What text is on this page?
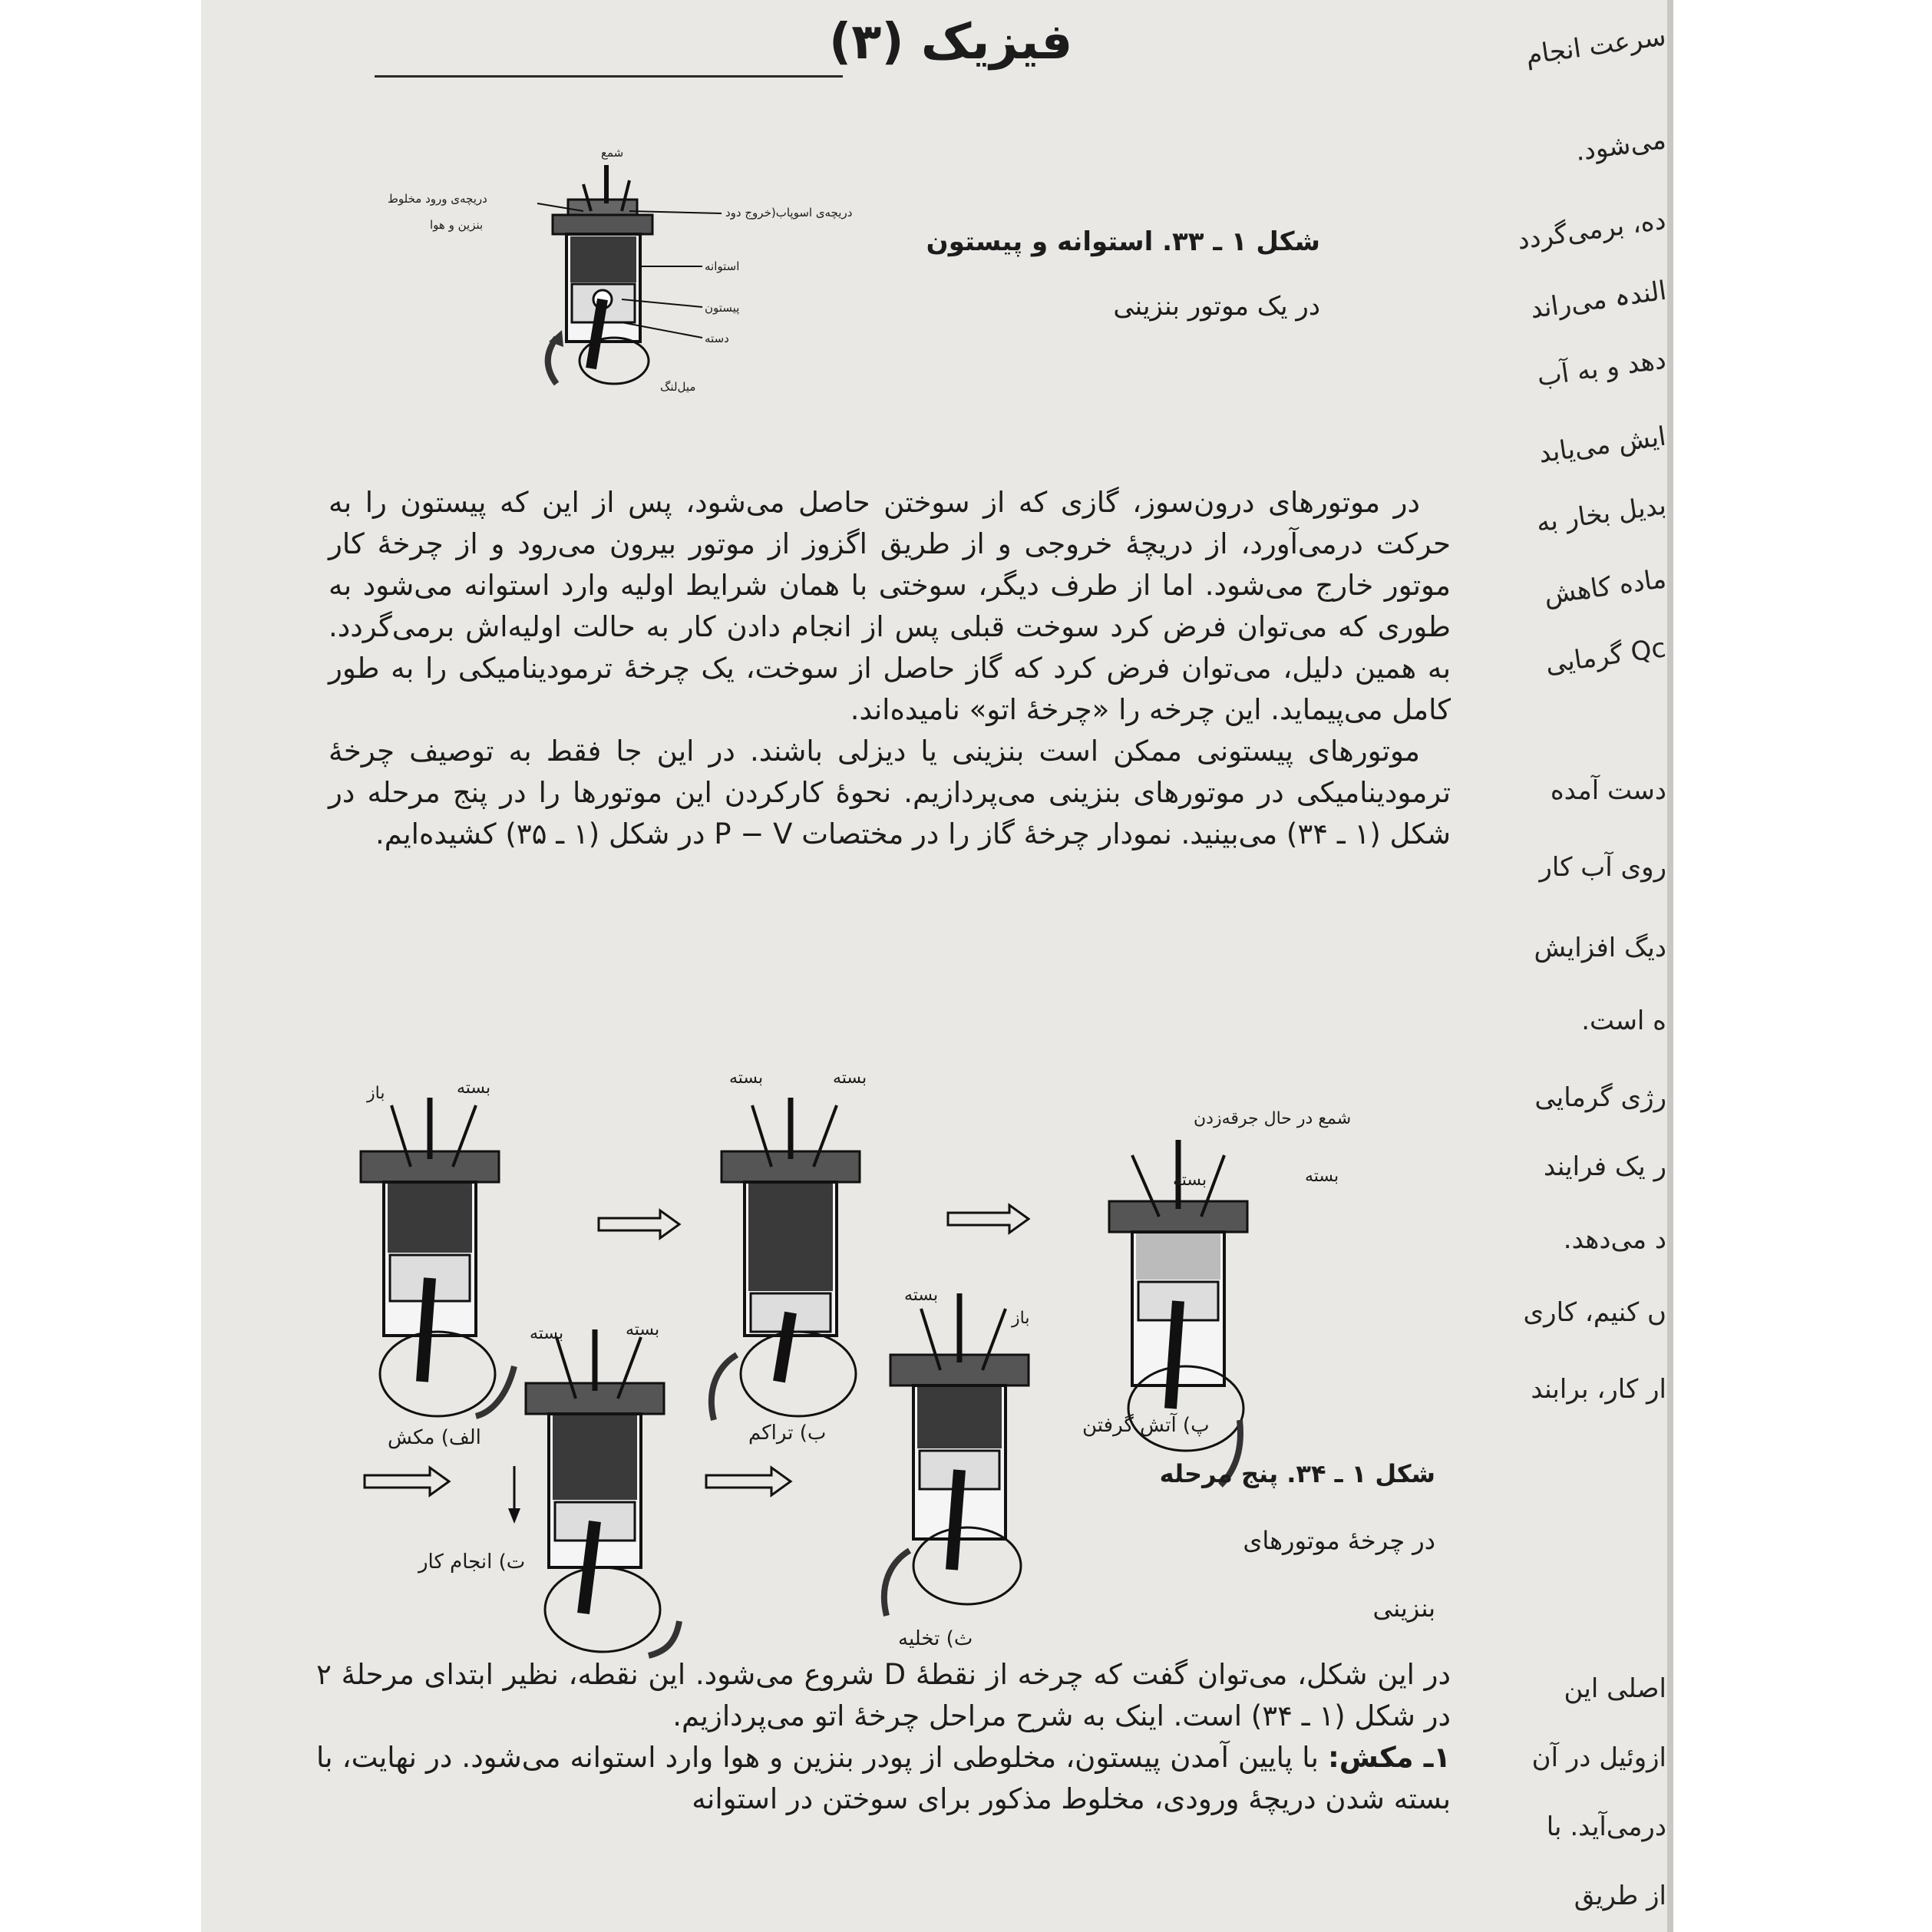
سرعت انجام
می‌شود.
ده، برمی‌گردد
الندہ می‌راند
دهد و به آب
ایش می‌یابد
بدیل بخار به
ماده کاهش
Qc گرمایی
دست آمده
روی آب کار
دیگ افزایش
ه است.
رژی گرمایی
ر یک فرایند
د می‌دهد.
ں کنیم، کاری
ار کار، برابند
اصلی این
ازوئیل در آن
درمی‌آید. با
از طریق
فیزیک (۳)
شمع
دریچه‌ی ورود مخلوط
بنزین و هوا
دریچه‌ی اسوپاب‌(خروج دود
استوانه
پیستون
دسته
میل‌لنگ
شکل ۱ ـ ۳۳. استوانه و پیستون
در یک موتور بنزینی

در موتورهای درون‌سوز، گازی که از سوختن حاصل می‌شود، پس از این که پیستون را به حرکت درمی‌آورد، از دریچهٔ خروجی و از طریق اگزوز از موتور بیرون می‌رود و از چرخهٔ کار موتور خارج می‌شود. اما از طرف دیگر، سوختی با همان شرایط اولیه وارد استوانه می‌شود به طوری که می‌توان فرض کرد سوخت قبلی پس از انجام دادن کار به حالت اولیه‌اش برمی‌گردد. به همین دلیل، می‌توان فرض کرد که گاز حاصل از سوخت، یک چرخهٔ ترمودینامیکی را به طور کامل می‌پیماید. این چرخه را «چرخهٔ اتو» نامیده‌اند.

موتورهای پیستونی ممکن است بنزینی یا دیزلی باشند. در این جا فقط به توصیف چرخهٔ ترمودینامیکی در موتورهای بنزینی می‌پردازیم. نحوهٔ کارکردن این موتورها را در پنج مرحله در شکل (۱ ـ ۳۴) می‌بینید. نمودار چرخهٔ گاز را در مختصات P − V در شکل (۱ ـ ۳۵) کشیده‌ایم.

بسته
باز
بسته	بسته
شمع در حال جرقه‌زدن
بسته	بسته
بسته
باز
بسته	بسته
الف) مکش	ب) تراکم	پ) آتش گرفتن
ت) انجام کار
ث) تخلیه
شکل ۱ ـ ۳۴. پنج مرحله
در چرخهٔ موتورهای
بنزینی

در این شکل، می‌توان گفت که چرخه از نقطهٔ D شروع می‌شود. این نقطه، نظیر ابتدای مرحلهٔ ۲ در شکل (۱ ـ ۳۴) است. اینک به شرح مراحل چرخهٔ اتو می‌پردازیم.

۱ـ مکش: با پایین آمدن پیستون، مخلوطی از پودر بنزین و هوا وارد استوانه می‌شود. در نهایت، با بسته شدن دریچهٔ ورودی، مخلوط مذکور برای سوختن در استوانه
